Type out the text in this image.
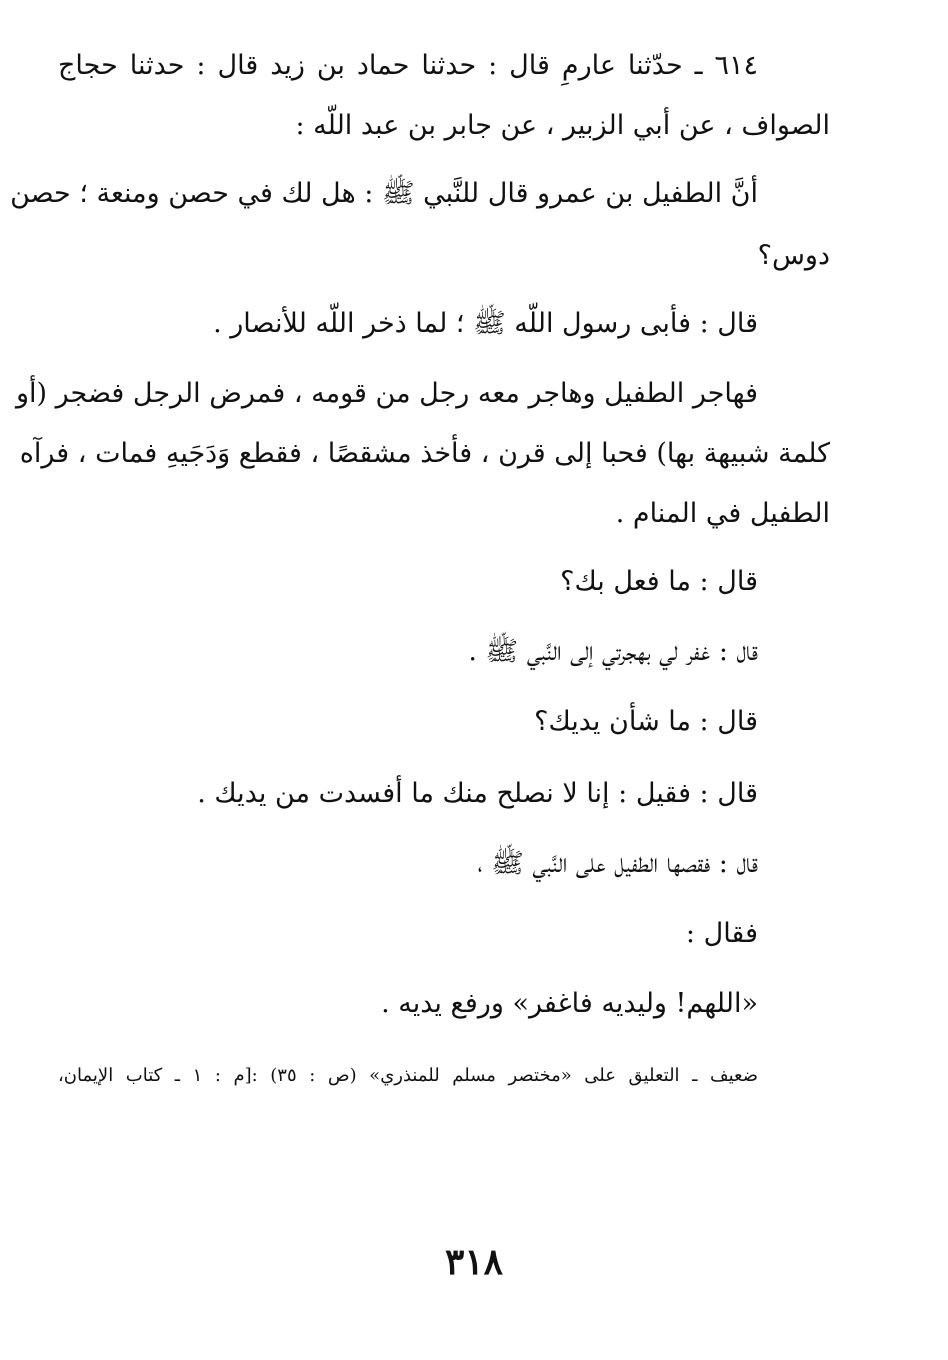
٦١٤ ـ حدّثنا عارمِ قال : حدثنا حماد بن زيد قال : حدثنا حجاج
الصواف ، عن أبي الزبير ، عن جابر بن عبد اللّه :
أنَّ الطفيل بن عمرو قال للنَّبي ﷺ : هل لك في حصن ومنعة ؛ حصن
دوس؟
قال : فأبى رسول اللّه ﷺ ؛ لما ذخر اللّه للأنصار .
فهاجر الطفيل وهاجر معه رجل من قومه ، فمرض الرجل فضجر (أو
كلمة شبيهة بها) فحبا إلى قرن ، فأخذ مشقصًا ، فقطع وَدَجَيهِ فمات ، فرآه
الطفيل في المنام .
قال : ما فعل بك؟
قال : غفر لي بهجرتي إلى النَّبي ﷺ .
قال : ما شأن يديك؟
قال : فقيل : إنا لا نصلح منك ما أفسدت من يديك .
قال : فقصها الطفيل على النَّبي ﷺ ،
فقال :
«اللهم! وليديه فاغفر» ورفع يديه .
ضعيف ـ التعليق على «مختصر مسلم للمنذري» (ص : ٣٥) :[م : ١ ـ كتاب الإيمان،
٣١٨
